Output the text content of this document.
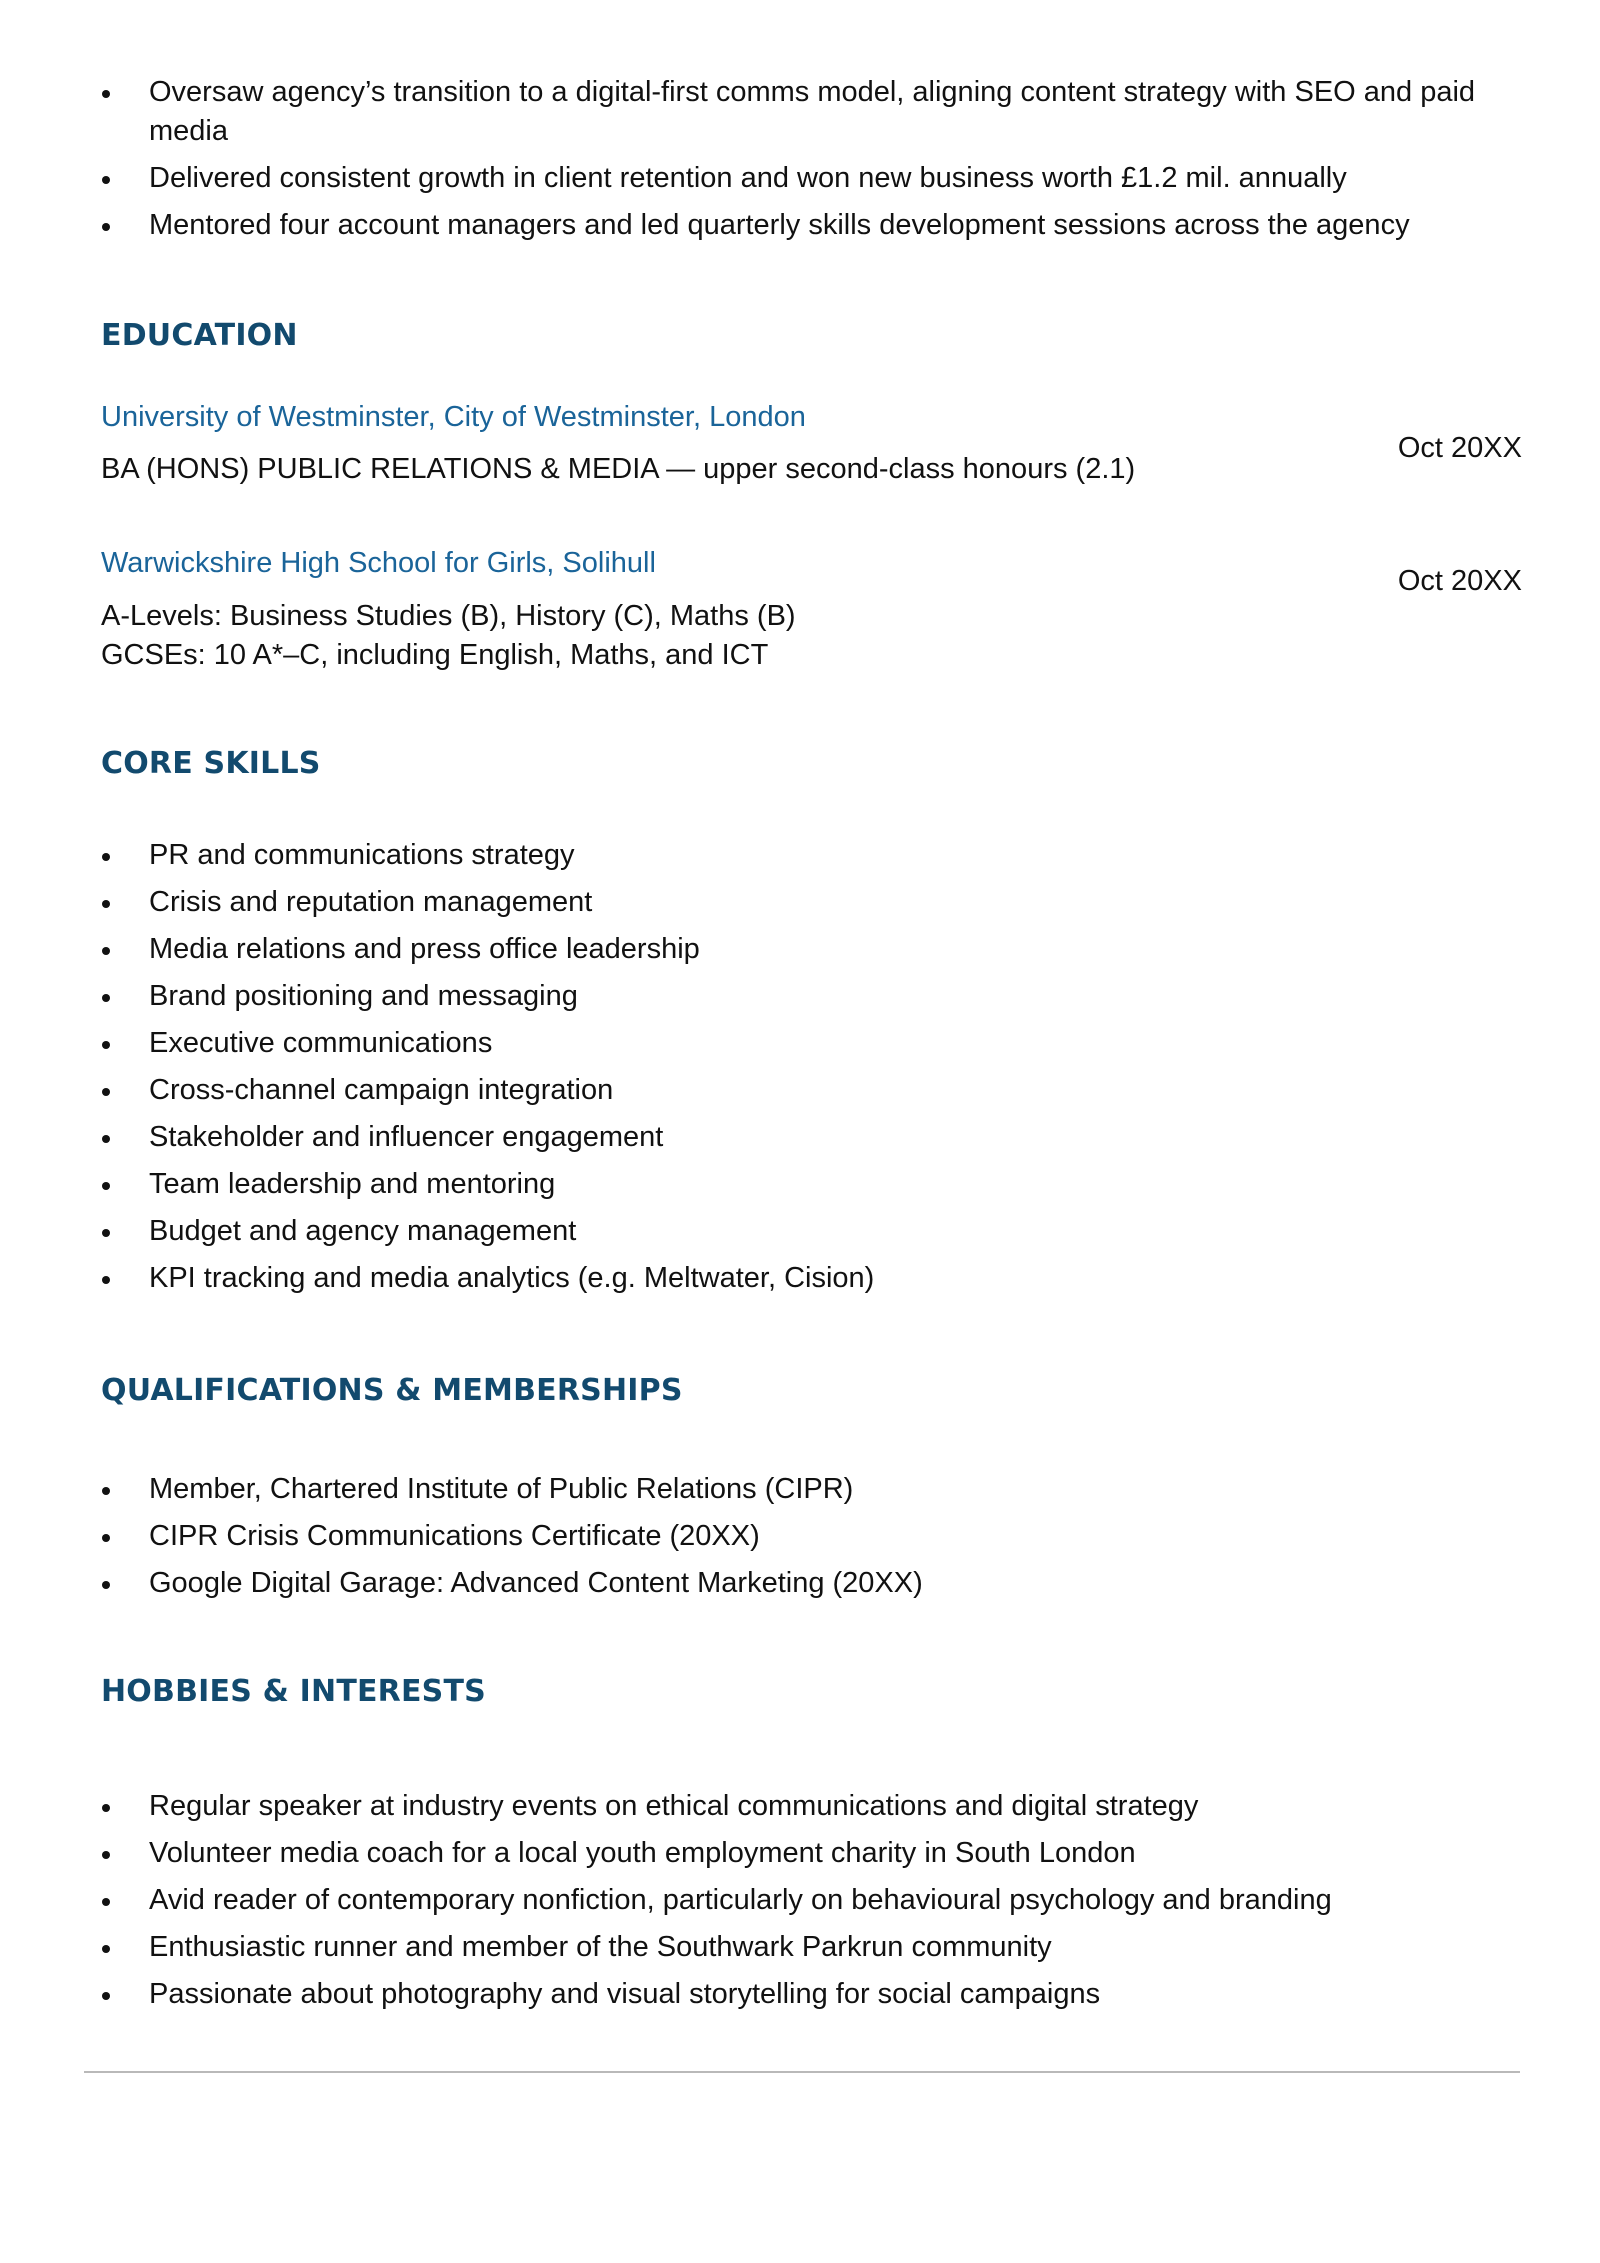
Oversaw agency’s transition to a digital-first comms model, aligning content strategy with SEO and paid media
Delivered consistent growth in client retention and won new business worth £1.2 mil. annually
Mentored four account managers and led quarterly skills development sessions across the agency
EDUCATION

University of Westminster, City of Westminster, London

Oct 20XX

BA (HONS) PUBLIC RELATIONS & MEDIA — upper second-class honours (2.1)

Warwickshire High School for Girls, Solihull

Oct 20XX

A-Levels: Business Studies (B), History (C), Maths (B)

GCSEs: 10 A*–C, including English, Maths, and ICT

CORE SKILLS
PR and communications strategy
Crisis and reputation management
Media relations and press office leadership
Brand positioning and messaging
Executive communications
Cross-channel campaign integration
Stakeholder and influencer engagement
Team leadership and mentoring
Budget and agency management
KPI tracking and media analytics (e.g. Meltwater, Cision)
QUALIFICATIONS & MEMBERSHIPS
Member, Chartered Institute of Public Relations (CIPR)
CIPR Crisis Communications Certificate (20XX)
Google Digital Garage: Advanced Content Marketing (20XX)
HOBBIES & INTERESTS
Regular speaker at industry events on ethical communications and digital strategy
Volunteer media coach for a local youth employment charity in South London
Avid reader of contemporary nonfiction, particularly on behavioural psychology and branding
Enthusiastic runner and member of the Southwark Parkrun community
Passionate about photography and visual storytelling for social campaigns
